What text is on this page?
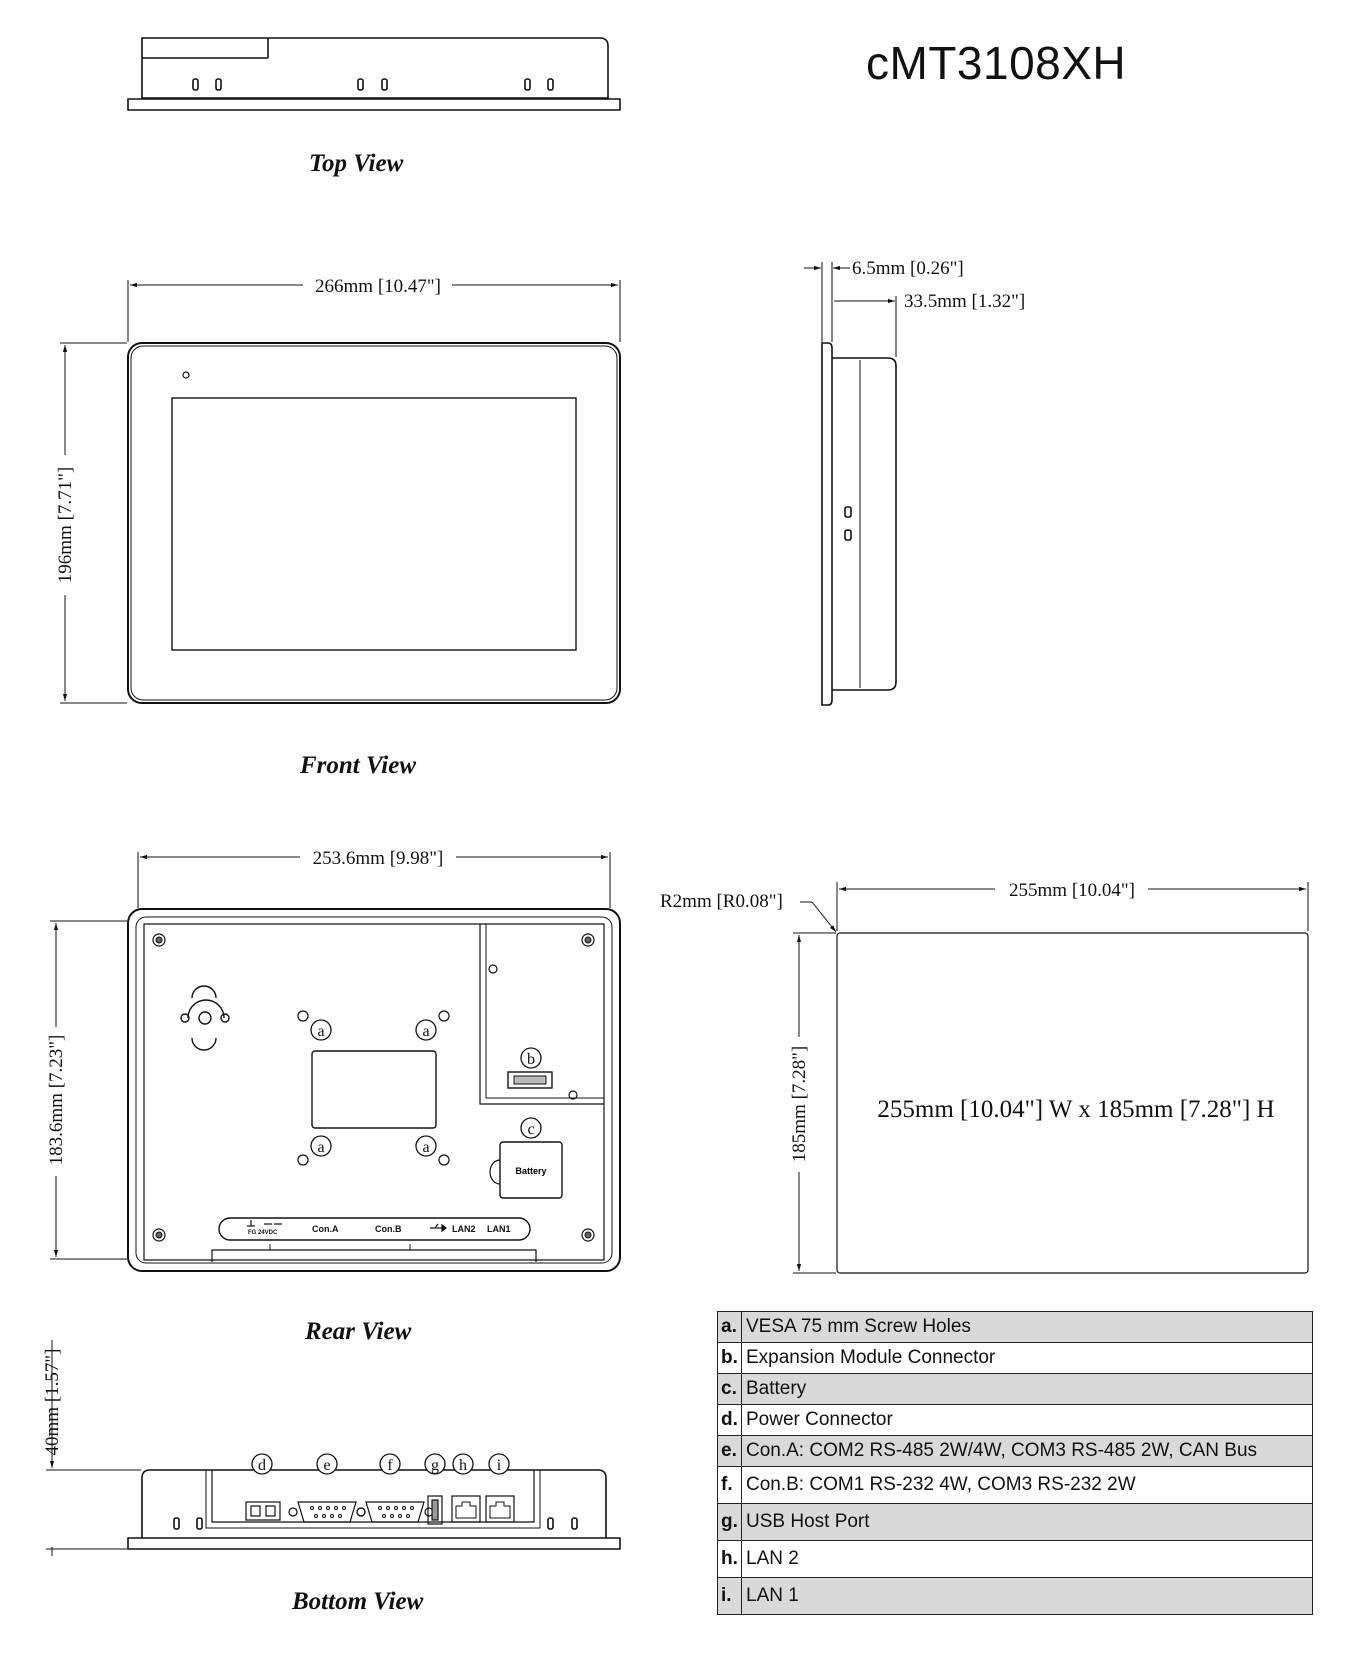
cMT3108XH
Top View
Front View
Rear View
Bottom View
266mm [10.47"]
196mm [7.71"]
6.5mm [0.26"]
33.5mm [1.32"]
a	a
a	a
b
c
Battery
FG 24VDC	Con.A	Con.B	LAN2 LAN1
253.6mm [9.98"]
183.6mm [7.23"]
255mm [10.04"]
185mm [7.28"]
R2mm [R0.08"]
255mm [10.04"] W x 185mm [7.28"] H
d	e	f g h i
40mm [1.57"]
a.	VESA 75 mm Screw Holes
b.	Expansion Module Connector
c.	Battery
d.	Power Connector
e.	Con.A: COM2 RS-485 2W/4W, COM3 RS-485 2W, CAN Bus
f.	Con.B: COM1 RS-232 4W, COM3 RS-232 2W
g.	USB Host Port
h.	LAN 2
i.	LAN 1
